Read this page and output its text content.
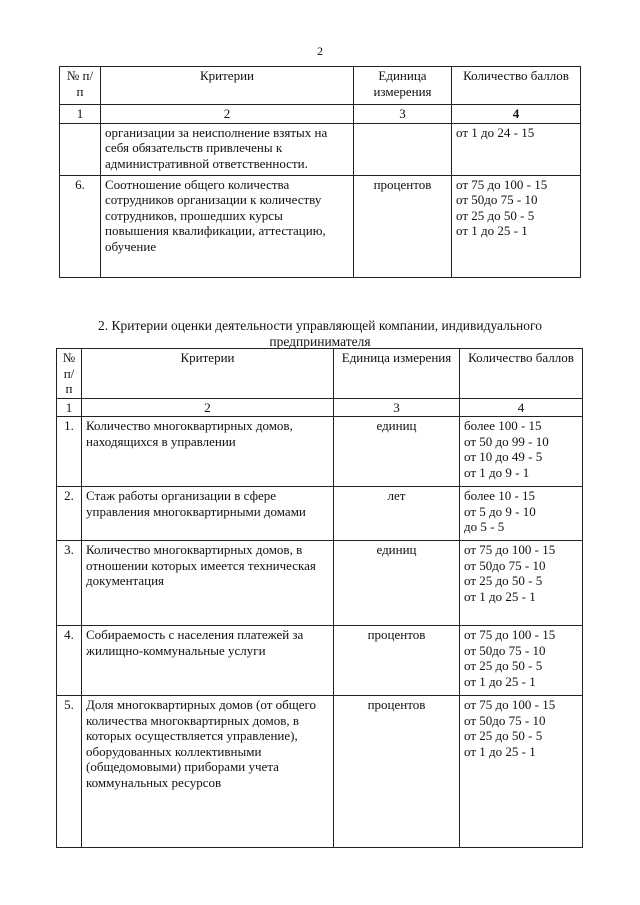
2
№ п/п	Критерии	Единица измерения	Количество баллов
1	2	3	4
	организации за неисполнение взятых на себя обязательств привлечены к административной ответственности.		от 1 до 24 - 15

6.	Соотношение общего количества сотрудников организации к количеству сотрудников, прошедших курсы повышения квалификации, аттестацию, обучение	процентов	от 75 до 100 - 15
от 50до 75 - 10
от 25 до 50 - 5
от 1 до 25 - 1
2. Критерии оценки деятельности управляющей компании, индивидуального предпринимателя
№ п/п	Критерии	Единица измерения	Количество баллов
1	2	3	4
1.	Количество многоквартирных домов, находящихся в управлении	единиц	более 100 - 15
от 50 до 99 - 10
от 10 до 49 - 5
от 1 до 9 - 1

2.	Стаж работы организации в сфере управления многоквартирными домами	лет	более 10 - 15
от 5 до 9 - 10
до 5 - 5

3.	Количество многоквартирных домов, в отношении которых имеется техническая документация	единиц	от 75 до 100 - 15
от 50до 75 - 10
от 25 до 50 - 5
от 1 до 25 - 1

4.	Собираемость с населения платежей за жилищно-коммунальные услуги	процентов	от 75 до 100 - 15
от 50до 75 - 10
от 25 до 50 - 5
от 1 до 25 - 1

5.	Доля многоквартирных домов (от общего количества многоквартирных домов, в которых осуществляется управление), оборудованных коллективными (общедомовыми) приборами учета коммунальных ресурсов	процентов	от 75 до 100 - 15
от 50до 75 - 10
от 25 до 50 - 5
от 1 до 25 - 1
